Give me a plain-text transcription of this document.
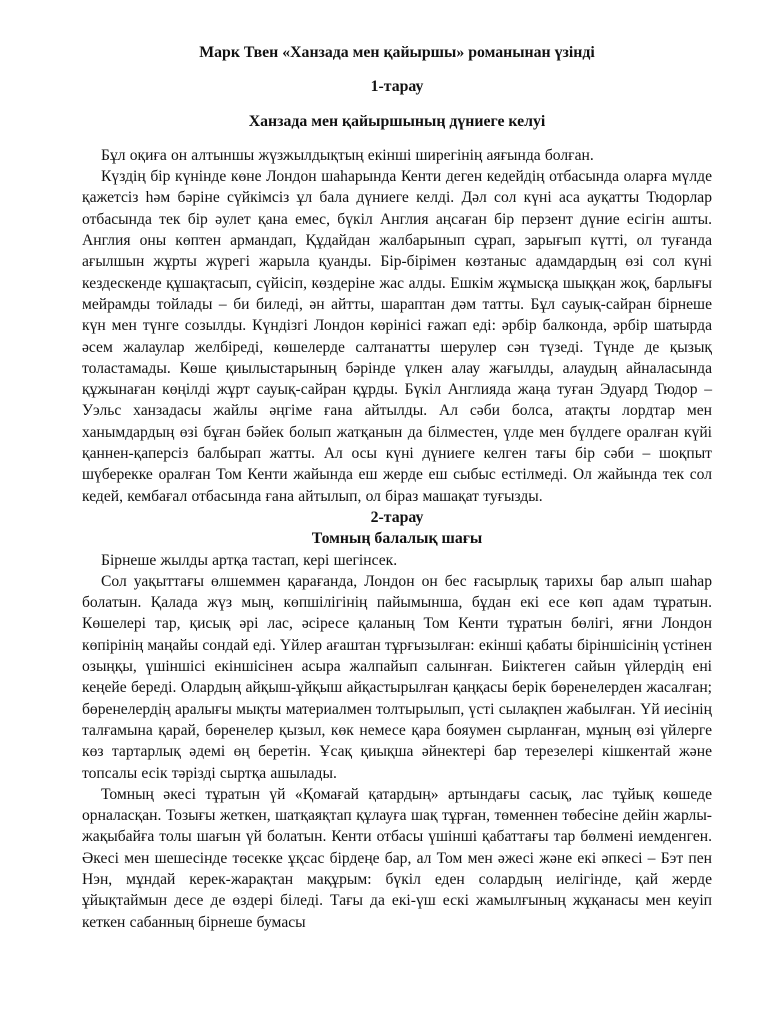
Марк Твен «Ханзада мен қайыршы» романынан үзінді

1-тарау

Ханзада мен қайыршының дүниеге келуі

Бұл оқиға он алтыншы жүзжылдықтың екінші ширегінің аяғында болған.

Күздің бір күнінде көне Лондон шаһарында Кенти деген кедейдің отбасында оларға мүлде қажетсіз һәм бәріне сүйкімсіз ұл бала дүниеге келді. Дәл сол күні аса ауқатты Тюдорлар отбасында тек бір әулет қана емес, бүкіл Англия аңсаған бір перзент дүние есігін ашты. Англия оны көптен армандап, Құдайдан жалбарынып сұрап, зарығып күтті, ол туғанда ағылшын жұрты жүрегі жарыла қуанды. Бір-бірімен көзтаныс адамдардың өзі сол күні кездескенде құшақтасып, сүйісіп, көздеріне жас алды. Ешкім жұмысқа шыққан жоқ, барлығы мейрамды тойлады – би биледі, ән айтты, шараптан дәм татты. Бұл сауық-сайран бірнеше күн мен түнге созылды. Күндізгі Лондон көрінісі ғажап еді: әрбір балконда, әрбір шатырда әсем жалаулар желбіреді, көшелерде салтанатты шерулер сән түзеді. Түнде де қызық толастамады. Көше қиылыстарының бәрінде үлкен алау жағылды, алаудың айналасында құжынаған көңілді жұрт сауық-сайран құрды. Бүкіл Англияда жаңа туған Эдуард Тюдор – Уэльс ханзадасы жайлы әңгіме ғана айтылды. Ал сәби болса, атақты лордтар мен ханымдардың өзі бұған бәйек болып жатқанын да білместен, үлде мен бүлдеге оралған күйі қаннен-қаперсіз балбырап жатты. Ал осы күні дүниеге келген тағы бір сәби – шоқпыт шүберекке оралған Том Кенти жайында еш жерде еш сыбыс естілмеді. Ол жайында тек сол кедей, кембағал отбасында ғана айтылып, ол біраз машақат туғызды.

2-тарау

Томның балалық шағы

Бірнеше жылды артқа тастап, кері шегінсек.

Сол уақыттағы өлшеммен қарағанда, Лондон он бес ғасырлық тарихы бар алып шаһар болатын. Қалада жүз мың, көпшілігінің пайымынша, бұдан екі есе көп адам тұратын. Көшелері тар, қисық әрі лас, әсіресе қаланың Том Кенти тұратын бөлігі, яғни Лондон көпірінің маңайы сондай еді. Үйлер ағаштан тұрғызылған: екінші қабаты біріншісінің үстінен озыңқы, үшіншісі екіншісінен асыра жалпайып салынған. Биіктеген сайын үйлердің ені кеңейе береді. Олардың айқыш-ұйқыш айқастырылған қаңқасы берік бөренелерден жасалған; бөренелердің аралығы мықты материалмен толтырылып, үсті сылақпен жабылған. Үй иесінің талғамына қарай, бөренелер қызыл, көк немесе қара бояумен сырланған, мұның өзі үйлерге көз тартарлық әдемі өң беретін. Ұсақ қиықша әйнектері бар терезелері кішкентай және топсалы есік тәрізді сыртқа ашылады.

Томның әкесі тұратын үй «Қомағай қатардың» артындағы сасық, лас тұйық көшеде орналасқан. Тозығы жеткен, шатқаяқтап құлауға шақ тұрған, төменнен төбесіне дейін жарлы-жақыбайға толы шағын үй болатын. Кенти отбасы үшінші қабаттағы тар бөлмені иемденген. Әкесі мен шешесінде төсекке ұқсас бірдеңе бар, ал Том мен әжесі және екі әпкесі – Бэт пен Нэн, мұндай керек-жарақтан мақұрым: бүкіл еден солардың иелігінде, қай жерде ұйықтаймын десе де өздері біледі. Тағы да екі-үш ескі жамылғының жұқанасы мен кеуіп кеткен сабанның бірнеше бумасы
